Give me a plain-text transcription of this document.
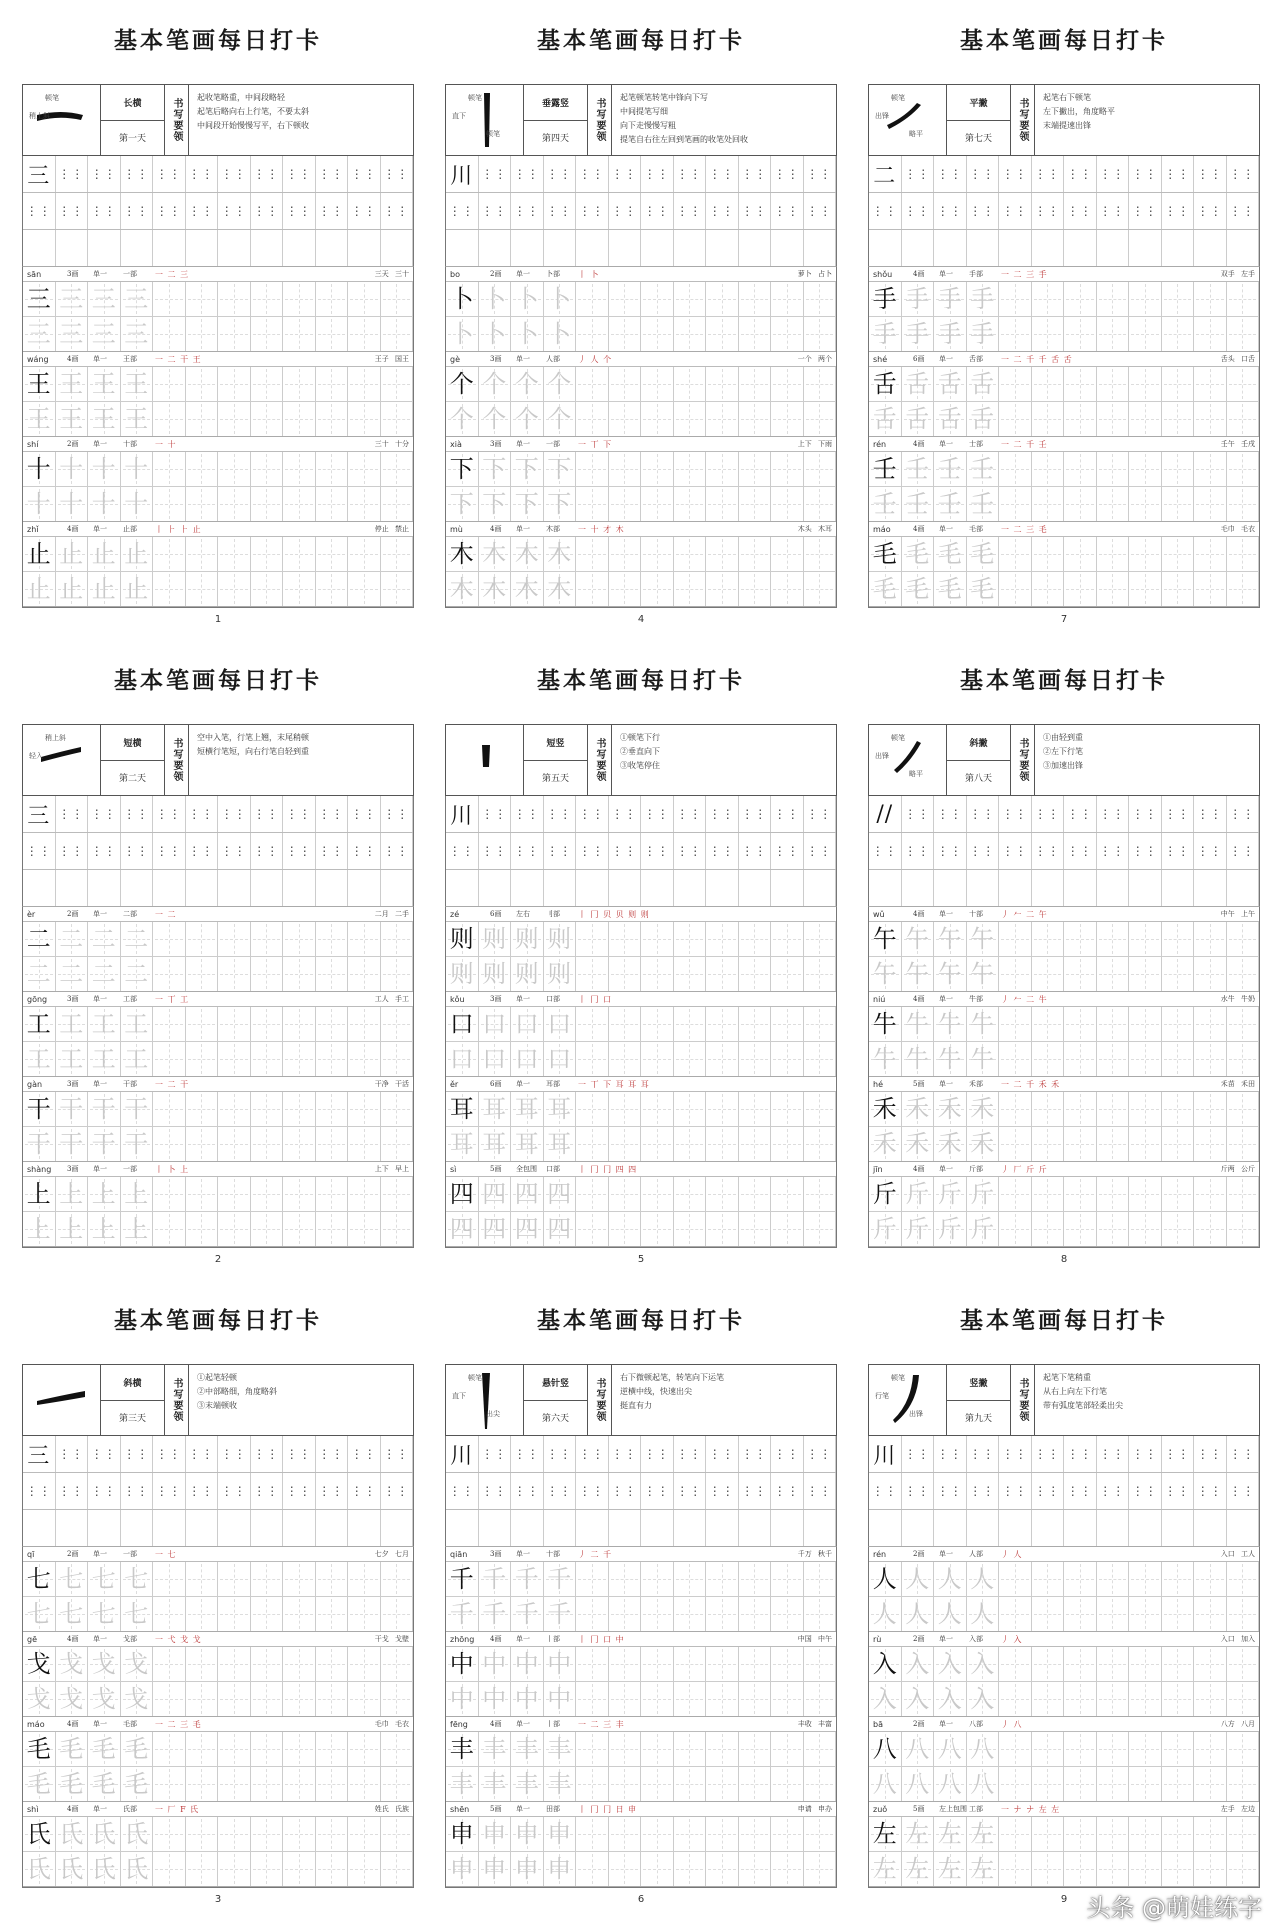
基本笔画每日打卡
顿笔
稍上斜
长横
第一天	书写要领
起收笔略重，中间段略轻
起笔后略向右上行笔，不要太斜
中间段开始慢慢写平，右下顿收
三 ⋮⋮ ⋮⋮ ⋮⋮ ⋮⋮ ⋮⋮ ⋮⋮ ⋮⋮ ⋮⋮ ⋮⋮ ⋮⋮ ⋮⋮
⋮⋮ ⋮⋮ ⋮⋮ ⋮⋮ ⋮⋮ ⋮⋮ ⋮⋮ ⋮⋮ ⋮⋮ ⋮⋮ ⋮⋮ ⋮⋮
sān	3画	单一	一部	一 二 三	三天 三十
三 三 三 三
三 三 三 三
wáng	4画	单一	王部	一 二 干 王	王子 国王
王 王 王 王
王 王 王 王
shí	2画	单一	十部	一 十	三十 十分
十 十 十 十
十 十 十 十
zhǐ	4画	单一	止部	丨 ⺊ ⺊ 止	停止 禁止
止 止 止 止
止 止 止 止
1
基本笔画每日打卡
顿笔
直下
顿笔
垂露竖
第四天	书写要领
起笔顿笔转笔中锋向下写
中间提笔写细
向下走慢慢写粗
提笔自右往左回到笔画的收笔处回收
川 ⋮⋮ ⋮⋮ ⋮⋮ ⋮⋮ ⋮⋮ ⋮⋮ ⋮⋮ ⋮⋮ ⋮⋮ ⋮⋮ ⋮⋮
⋮⋮ ⋮⋮ ⋮⋮ ⋮⋮ ⋮⋮ ⋮⋮ ⋮⋮ ⋮⋮ ⋮⋮ ⋮⋮ ⋮⋮ ⋮⋮
bo	2画	单一	卜部	丨 卜	萝卜 占卜
卜 卜 卜 卜
卜 卜 卜 卜
gè	3画	单一	人部	丿 人 个	一个 两个
个 个 个 个
个 个 个 个
xià	3画	单一	一部	一 丅 下	上下 下雨
下 下 下 下
下 下 下 下
mù	4画	单一	木部	一 十 才 木	木头 木耳
木 木 木 木
木 木 木 木
4
基本笔画每日打卡
顿笔
出锋
略平
平撇
第七天	书写要领
起笔右下顿笔
左下撇出，角度略平
末端提速出锋
二 ⋮⋮ ⋮⋮ ⋮⋮ ⋮⋮ ⋮⋮ ⋮⋮ ⋮⋮ ⋮⋮ ⋮⋮ ⋮⋮ ⋮⋮
⋮⋮ ⋮⋮ ⋮⋮ ⋮⋮ ⋮⋮ ⋮⋮ ⋮⋮ ⋮⋮ ⋮⋮ ⋮⋮ ⋮⋮ ⋮⋮
shǒu	4画	单一	手部	一 二 三 手	双手 左手
手 手 手 手
手 手 手 手
shé	6画	单一	舌部	一 二 千 千 舌 舌	舌头 口舌
舌 舌 舌 舌
舌 舌 舌 舌
rén	4画	单一	士部	一 二 千 壬	壬午 壬戌
壬 壬 壬 壬
壬 壬 壬 壬
máo	4画	单一	毛部	一 二 三 毛	毛巾 毛衣
毛 毛 毛 毛
毛 毛 毛 毛
7
基本笔画每日打卡
稍上斜
轻入
短横
第二天	书写要领
空中入笔，行笔上翘，末尾稍顿
短横行笔短，向右行笔自轻到重
三 ⋮⋮ ⋮⋮ ⋮⋮ ⋮⋮ ⋮⋮ ⋮⋮ ⋮⋮ ⋮⋮ ⋮⋮ ⋮⋮ ⋮⋮
⋮⋮ ⋮⋮ ⋮⋮ ⋮⋮ ⋮⋮ ⋮⋮ ⋮⋮ ⋮⋮ ⋮⋮ ⋮⋮ ⋮⋮ ⋮⋮
èr	2画	单一	二部	一 二	二月 二手
二 二 二 二
二 二 二 二
gōng	3画	单一	工部	一 丅 工	工人 手工
工 工 工 工
工 工 工 工
gàn	3画	单一	干部	一 二 干	干净 干活
干 干 干 干
干 干 干 干
shàng	3画	单一	一部	丨 卜 上	上下 早上
上 上 上 上
上 上 上 上
2
基本笔画每日打卡
短竖
第五天	书写要领
①顿笔下行
②垂直向下
③收笔停住
川 ⋮⋮ ⋮⋮ ⋮⋮ ⋮⋮ ⋮⋮ ⋮⋮ ⋮⋮ ⋮⋮ ⋮⋮ ⋮⋮ ⋮⋮
⋮⋮ ⋮⋮ ⋮⋮ ⋮⋮ ⋮⋮ ⋮⋮ ⋮⋮ ⋮⋮ ⋮⋮ ⋮⋮ ⋮⋮ ⋮⋮
zé	6画	左右	刂部	丨 冂 贝 贝 则 则
则 则 则 则
则 则 则 则
kǒu	3画	单一	口部	丨 冂 口
口 口 口 口
口 口 口 口
ěr	6画	单一	耳部	一 丅 下 耳 耳 耳
耳 耳 耳 耳
耳 耳 耳 耳
sì	5画	全包围	口部	丨 冂 冂 四 四
四 四 四 四
四 四 四 四
5
基本笔画每日打卡
顿笔
出锋
略平
斜撇
第八天	书写要领
①由轻到重
②左下行笔
③加速出锋
// ⋮⋮ ⋮⋮ ⋮⋮ ⋮⋮ ⋮⋮ ⋮⋮ ⋮⋮ ⋮⋮ ⋮⋮ ⋮⋮ ⋮⋮
⋮⋮ ⋮⋮ ⋮⋮ ⋮⋮ ⋮⋮ ⋮⋮ ⋮⋮ ⋮⋮ ⋮⋮ ⋮⋮ ⋮⋮ ⋮⋮
wǔ	4画	单一	十部	丿 𠂉 二 午	中午 上午
午 午 午 午
午 午 午 午
niú	4画	单一	牛部	丿 𠂉 二 牛	水牛 牛奶
牛 牛 牛 牛
牛 牛 牛 牛
hé	5画	单一	禾部	一 二 千 禾 禾	禾苗 禾田
禾 禾 禾 禾
禾 禾 禾 禾
jīn	4画	单一	斤部	丿 厂 斤 斤	斤两 公斤
斤 斤 斤 斤
斤 斤 斤 斤
8
基本笔画每日打卡
斜横
第三天	书写要领
①起笔轻顿
②中部略细，角度略斜
③末端顿收
三 ⋮⋮ ⋮⋮ ⋮⋮ ⋮⋮ ⋮⋮ ⋮⋮ ⋮⋮ ⋮⋮ ⋮⋮ ⋮⋮ ⋮⋮
⋮⋮ ⋮⋮ ⋮⋮ ⋮⋮ ⋮⋮ ⋮⋮ ⋮⋮ ⋮⋮ ⋮⋮ ⋮⋮ ⋮⋮ ⋮⋮
qī	2画	单一	一部	一 七	七夕 七月
七 七 七 七
七 七 七 七
gē	4画	单一	戈部	一 弋 戈 戈	干戈 戈壁
戈 戈 戈 戈
戈 戈 戈 戈
máo	4画	单一	毛部	一 二 三 毛	毛巾 毛衣
毛 毛 毛 毛
毛 毛 毛 毛
shì	4画	单一	氏部	一 厂 F 氏	姓氏 氏族
氏 氏 氏 氏
氏 氏 氏 氏
3
基本笔画每日打卡
顿笔
直下
出尖
悬针竖
第六天	书写要领
右下微顿起笔，转笔向下运笔
逆横中线，快速出尖
挺直有力
川 ⋮⋮ ⋮⋮ ⋮⋮ ⋮⋮ ⋮⋮ ⋮⋮ ⋮⋮ ⋮⋮ ⋮⋮ ⋮⋮ ⋮⋮
⋮⋮ ⋮⋮ ⋮⋮ ⋮⋮ ⋮⋮ ⋮⋮ ⋮⋮ ⋮⋮ ⋮⋮ ⋮⋮ ⋮⋮ ⋮⋮
qiān	3画	单一	十部	丿 二 千	千万 秋千
千 千 千 千
千 千 千 千
zhōng	4画	单一	丨部	丨 冂 口 中	中国 中午
中 中 中 中
中 中 中 中
fēng	4画	单一	丨部	一 二 三 丰	丰收 丰富
丰 丰 丰 丰
丰 丰 丰 丰
shēn	5画	单一	田部	丨 冂 冂 日 申	申请 申办
申 申 申 申
申 申 申 申
6
基本笔画每日打卡
顿笔
行笔
出锋
竖撇
第九天	书写要领
起笔下笔稍重
从右上向左下行笔
带有弧度笔部轻柔出尖
川 ⋮⋮ ⋮⋮ ⋮⋮ ⋮⋮ ⋮⋮ ⋮⋮ ⋮⋮ ⋮⋮ ⋮⋮ ⋮⋮ ⋮⋮
⋮⋮ ⋮⋮ ⋮⋮ ⋮⋮ ⋮⋮ ⋮⋮ ⋮⋮ ⋮⋮ ⋮⋮ ⋮⋮ ⋮⋮ ⋮⋮
rén	2画	单一	人部	丿 人	入口 工人
人 人 人 人
人 人 人 人
rù	2画	单一	入部	丿 入	入口 加入
入 入 入 入
入 入 入 入
bā	2画	单一	八部	丿 八	八方 八月
八 八 八 八
八 八 八 八
zuǒ	5画	左上包围 工部	一 ナ ナ 左 左	左手 左边
左 左 左 左
左 左 左 左
9 头条 @萌娃练字
